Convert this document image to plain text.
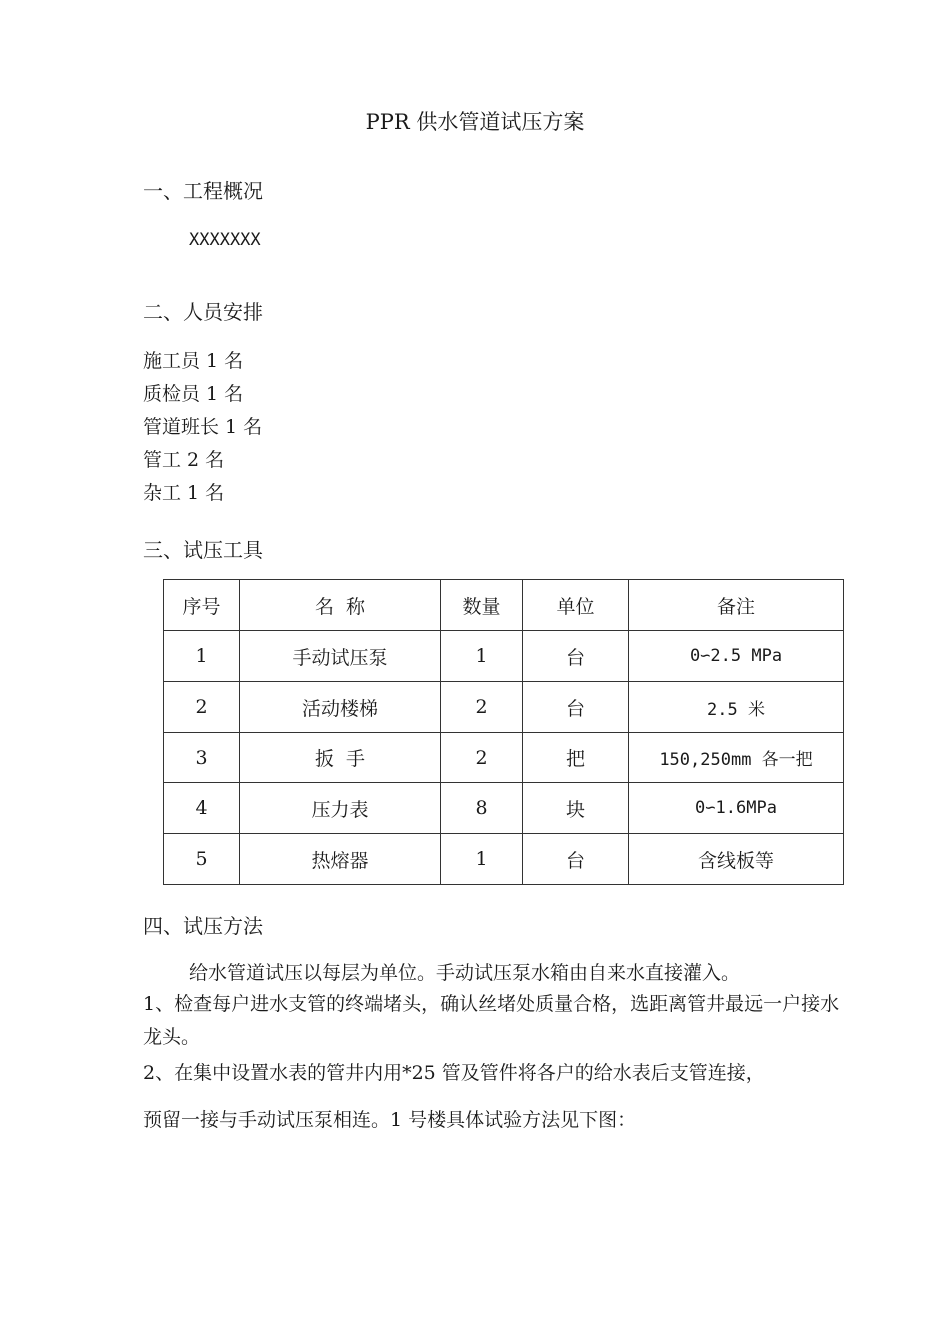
PPR 供水管道试压方案
一、工程概况
XXXXXXX
二、人员安排
施工员 1 名
质检员 1 名
管道班长 1 名
管工 2 名
杂工 1 名
三、试压工具
序号	名  称	数量	单位	备注
1	手动试压泵	1	台	0∽2.5 MPa
2	活动楼梯	2	台	2.5 米
3	扳  手	2	把	150,250mm 各一把
4	压力表	8	块	0∽1.6MPa
5	热熔器	1	台	含线板等
四、试压方法
给水管道试压以每层为单位。手动试压泵水箱由自来水直接灌入。
1、检查每户进水支管的终端堵头，确认丝堵处质量合格，选距离管井最远一户接水龙头。
2、在集中设置水表的管井内用*25 管及管件将各户的给水表后支管连接，
预留一接与手动试压泵相连。1 号楼具体试验方法见下图：
